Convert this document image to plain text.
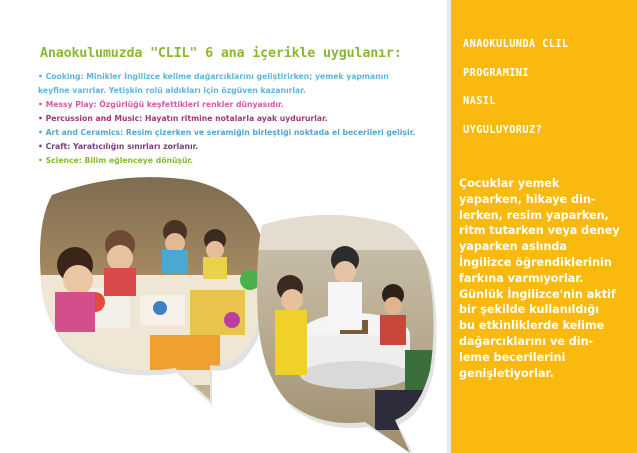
Anaokulumuzda "CLIL" 6 ana içerikle uygulanır:
• Cooking: Minikler İngilizce kelime dağarcıklarını geliştirirken; yemek yapmanın
keyfine varırlar. Yetişkin rolü aldıkları için özgüven kazanırlar.
• Messy Play: Özgürlüğü keşfettikleri renkler dünyasıdır.
• Percussion and Music: Hayatın ritmine notalarla ayak uydururlar.
• Art and Ceramics: Resim çizerken ve seramiğin birleştiği noktada el becerileri gelişir.
• Craft: Yaratıcılığın sınırları zorlanır.
• Science: Bilim eğlenceye dönüşür.
ANAOKULUNDA CLIL
PROGRAMINI
NASIL
UYGULUYORUZ?

Çocuklar yemek
yaparken, hikaye din-
lerken, resim yaparken,
ritm tutarken veya deney
yaparken aslında
İngilizce öğrendiklerinin
farkına varmıyorlar.
Günlük İngilizce'nin aktif
bir şekilde kullanıldığı
bu etkinliklerde kelime
dağarcıklarını ve din-
leme becerilerini
genişletiyorlar.
